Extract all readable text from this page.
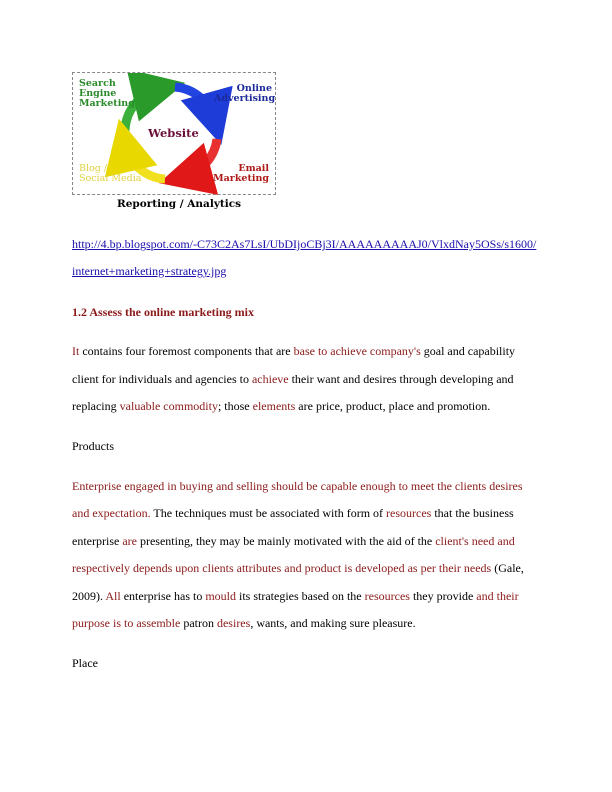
Website
Search
Engine
Marketing
Online
Advertising
Email
Marketing
Blog /
Social Media
Reporting / Analytics
http://4.bp.blogspot.com/-C73C2As7LsI/UbDIjoCBj3I/AAAAAAAAAJ0/VlxdNay5OSs/s1600/
internet+marketing+strategy.jpg
1.2 Assess the online marketing mix
It contains four foremost components that are base to achieve company's goal and capability
client for individuals and agencies to achieve their want and desires through developing and
replacing valuable commodity; those elements are price, product, place and promotion.
Products
Enterprise engaged in buying and selling should be capable enough to meet the clients desires
and expectation. The techniques must be associated with form of resources that the business
enterprise are presenting, they may be mainly motivated with the aid of the client's need and
respectively depends upon clients attributes and product is developed as per their needs (Gale,
2009). All enterprise has to mould its strategies based on the resources they provide and their
purpose is to assemble patron desires, wants, and making sure pleasure.
Place
